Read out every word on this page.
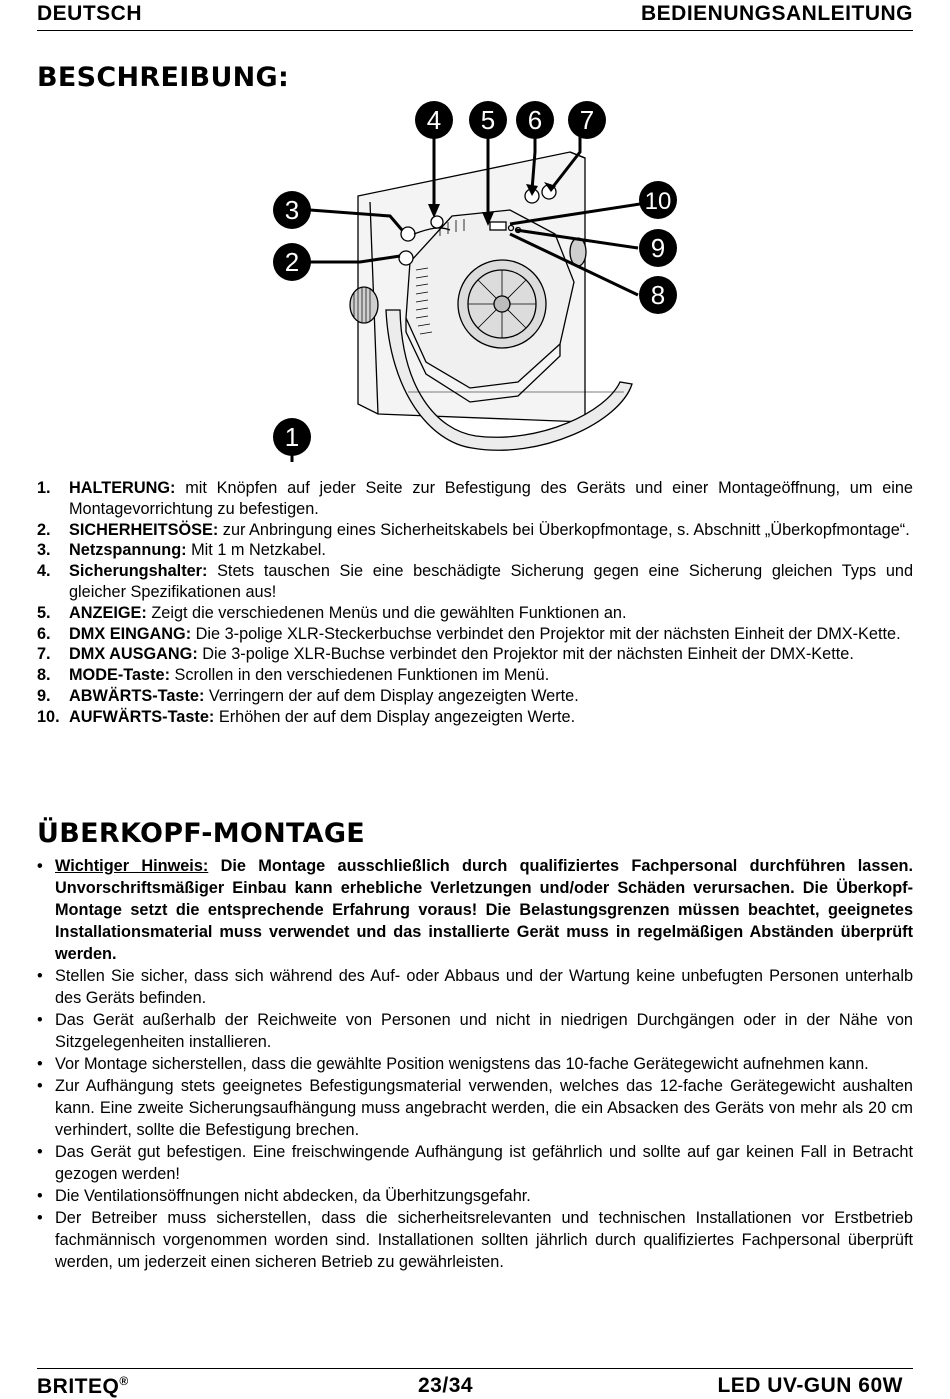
DEUTSCH	BEDIENUNGSANLEITUNG
BESCHREIBUNG:
4 5 6 7
3
2
10
9
8
1
1. HALTERUNG: mit Knöpfen auf jeder Seite zur Befestigung des Geräts und einer Montageöffnung, um eine Montagevorrichtung zu befestigen.
2. SICHERHEITSÖSE: zur Anbringung eines Sicherheitskabels bei Überkopfmontage, s. Abschnitt „Überkopfmontage“.
3. Netzspannung: Mit 1 m Netzkabel.
4. Sicherungshalter: Stets tauschen Sie eine beschädigte Sicherung gegen eine Sicherung gleichen Typs und gleicher Spezifikationen aus!
5. ANZEIGE: Zeigt die verschiedenen Menüs und die gewählten Funktionen an.
6. DMX EINGANG: Die 3-polige XLR-Steckerbuchse verbindet den Projektor mit der nächsten Einheit der DMX-Kette.
7. DMX AUSGANG: Die 3-polige XLR-Buchse verbindet den Projektor mit der nächsten Einheit der DMX-Kette.
8. MODE-Taste: Scrollen in den verschiedenen Funktionen im Menü.
9. ABWÄRTS-Taste: Verringern der auf dem Display angezeigten Werte.
10. AUFWÄRTS-Taste: Erhöhen der auf dem Display angezeigten Werte.
ÜBERKOPF-MONTAGE
• Wichtiger Hinweis: Die Montage ausschließlich durch qualifiziertes Fachpersonal durchführen lassen. Unvorschriftsmäßiger Einbau kann erhebliche Verletzungen und/oder Schäden verursachen. Die Überkopf-Montage setzt die entsprechende Erfahrung voraus! Die Belastungsgrenzen müssen beachtet, geeignetes Installationsmaterial muss verwendet und das installierte Gerät muss in regelmäßigen Abständen überprüft werden.
• Stellen Sie sicher, dass sich während des Auf- oder Abbaus und der Wartung keine unbefugten Personen unterhalb des Geräts befinden.
• Das Gerät außerhalb der Reichweite von Personen und nicht in niedrigen Durchgängen oder in der Nähe von Sitzgelegenheiten installieren.
• Vor Montage sicherstellen, dass die gewählte Position wenigstens das 10-fache Gerätegewicht aufnehmen kann.
• Zur Aufhängung stets geeignetes Befestigungsmaterial verwenden, welches das 12-fache Gerätegewicht aushalten kann. Eine zweite Sicherungsaufhängung muss angebracht werden, die ein Absacken des Geräts von mehr als 20 cm verhindert, sollte die Befestigung brechen.
• Das Gerät gut befestigen. Eine freischwingende Aufhängung ist gefährlich und sollte auf gar keinen Fall in Betracht gezogen werden!
• Die Ventilationsöffnungen nicht abdecken, da Überhitzungsgefahr.
• Der Betreiber muss sicherstellen, dass die sicherheitsrelevanten und technischen Installationen vor Erstbetrieb fachmännisch vorgenommen worden sind. Installationen sollten jährlich durch qualifiziertes Fachpersonal überprüft werden, um jederzeit einen sicheren Betrieb zu gewährleisten.
BRITEQ®	23/34	LED UV-GUN 60W
